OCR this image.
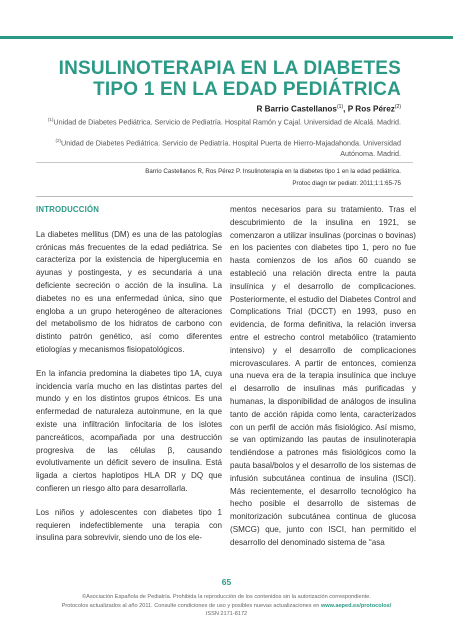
INSULINOTERAPIA EN LA DIABETES TIPO 1 EN LA EDAD PEDIÁTRICA
R Barrio Castellanos$^{(1)}$, P Ros Pérez$^{(2)}$
$^{(1)}$Unidad de Diabetes Pediátrica. Servicio de Pediatría. Hospital Ramón y Cajal. Universidad de Alcalá. Madrid.
$^{(2)}$Unidad de Diabetes Pediátrica. Servicio de Pediatría. Hospital Puerta de Hierro-Majadahonda. Universidad Autónoma. Madrid.
Barrio Castellanos R, Ros Pérez P. Insulinoterapia en la diabetes tipo 1 en la edad pediátrica.
Protoc diagn ter pediatr. 2011;1:1:65-75
INTRODUCCIÓN

La diabetes mellitus (DM) es una de las patologías crónicas más frecuentes de la edad pediátrica. Se caracteriza por la existencia de hiperglucemia en ayunas y postingesta, y es secundaria a una deficiente secreción o acción de la insulina. La diabetes no es una enfermedad única, sino que engloba a un grupo heterogéneo de alteraciones del metabolismo de los hidratos de carbono con distinto patrón genético, así como diferentes etiologías y mecanismos fisiopatológicos.

En la infancia predomina la diabetes tipo 1A, cuya incidencia varía mucho en las distintas partes del mundo y en los distintos grupos étnicos. Es una enfermedad de naturaleza autoinmune, en la que existe una infiltración linfocitaria de los islotes pancreáticos, acompañada por una destrucción progresiva de las células β, causando evolutivamente un déficit severo de insulina. Está ligada a ciertos haplotipos HLA DR y DQ que confieren un riesgo alto para desarrollarla.

Los niños y adolescentes con diabetes tipo 1 requieren indefectiblemente una terapia con insulina para sobrevivir, siendo uno de los ele-

mentos necesarios para su tratamiento. Tras el descubrimiento de la insulina en 1921, se comenzaron a utilizar insulinas (porcinas o bovinas) en los pacientes con diabetes tipo 1, pero no fue hasta comienzos de los años 60 cuando se estableció una relación directa entre la pauta insulínica y el desarrollo de complicaciones. Posteriormente, el estudio del Diabetes Control and Complications Trial (DCCT) en 1993, puso en evidencia, de forma definitiva, la relación inversa entre el estrecho control metabólico (tratamiento intensivo) y el desarrollo de complicaciones microvasculares. A partir de entonces, comienza una nueva era de la terapia insulínica que incluye el desarrollo de insulinas más purificadas y humanas, la disponibilidad de análogos de insulina tanto de acción rápida como lenta, caracterizados con un perfil de acción más fisiológico. Así mismo, se van optimizando las pautas de insulinoterapia tendiéndose a patrones más fisiológicos como la pauta basal/bolos y el desarrollo de los sistemas de infusión subcutánea continua de insulina (ISCI). Más recientemente, el desarrollo tecnológico ha hecho posible el desarrollo de sistemas de monitorización subcutánea continua de glucosa (SMCG) que, junto con ISCI, han permitido el desarrollo del denominado sistema de “asa

65
©Asociación Española de Pediatría. Prohibida la reproducción de los contenidos sin la autorización correspondiente.
Protocolos actualizados al año 2011. Consulte condiciones de uso y posibles nuevas actualizaciones en www.aeped.es/protocolos/
ISSN 2171-8172
